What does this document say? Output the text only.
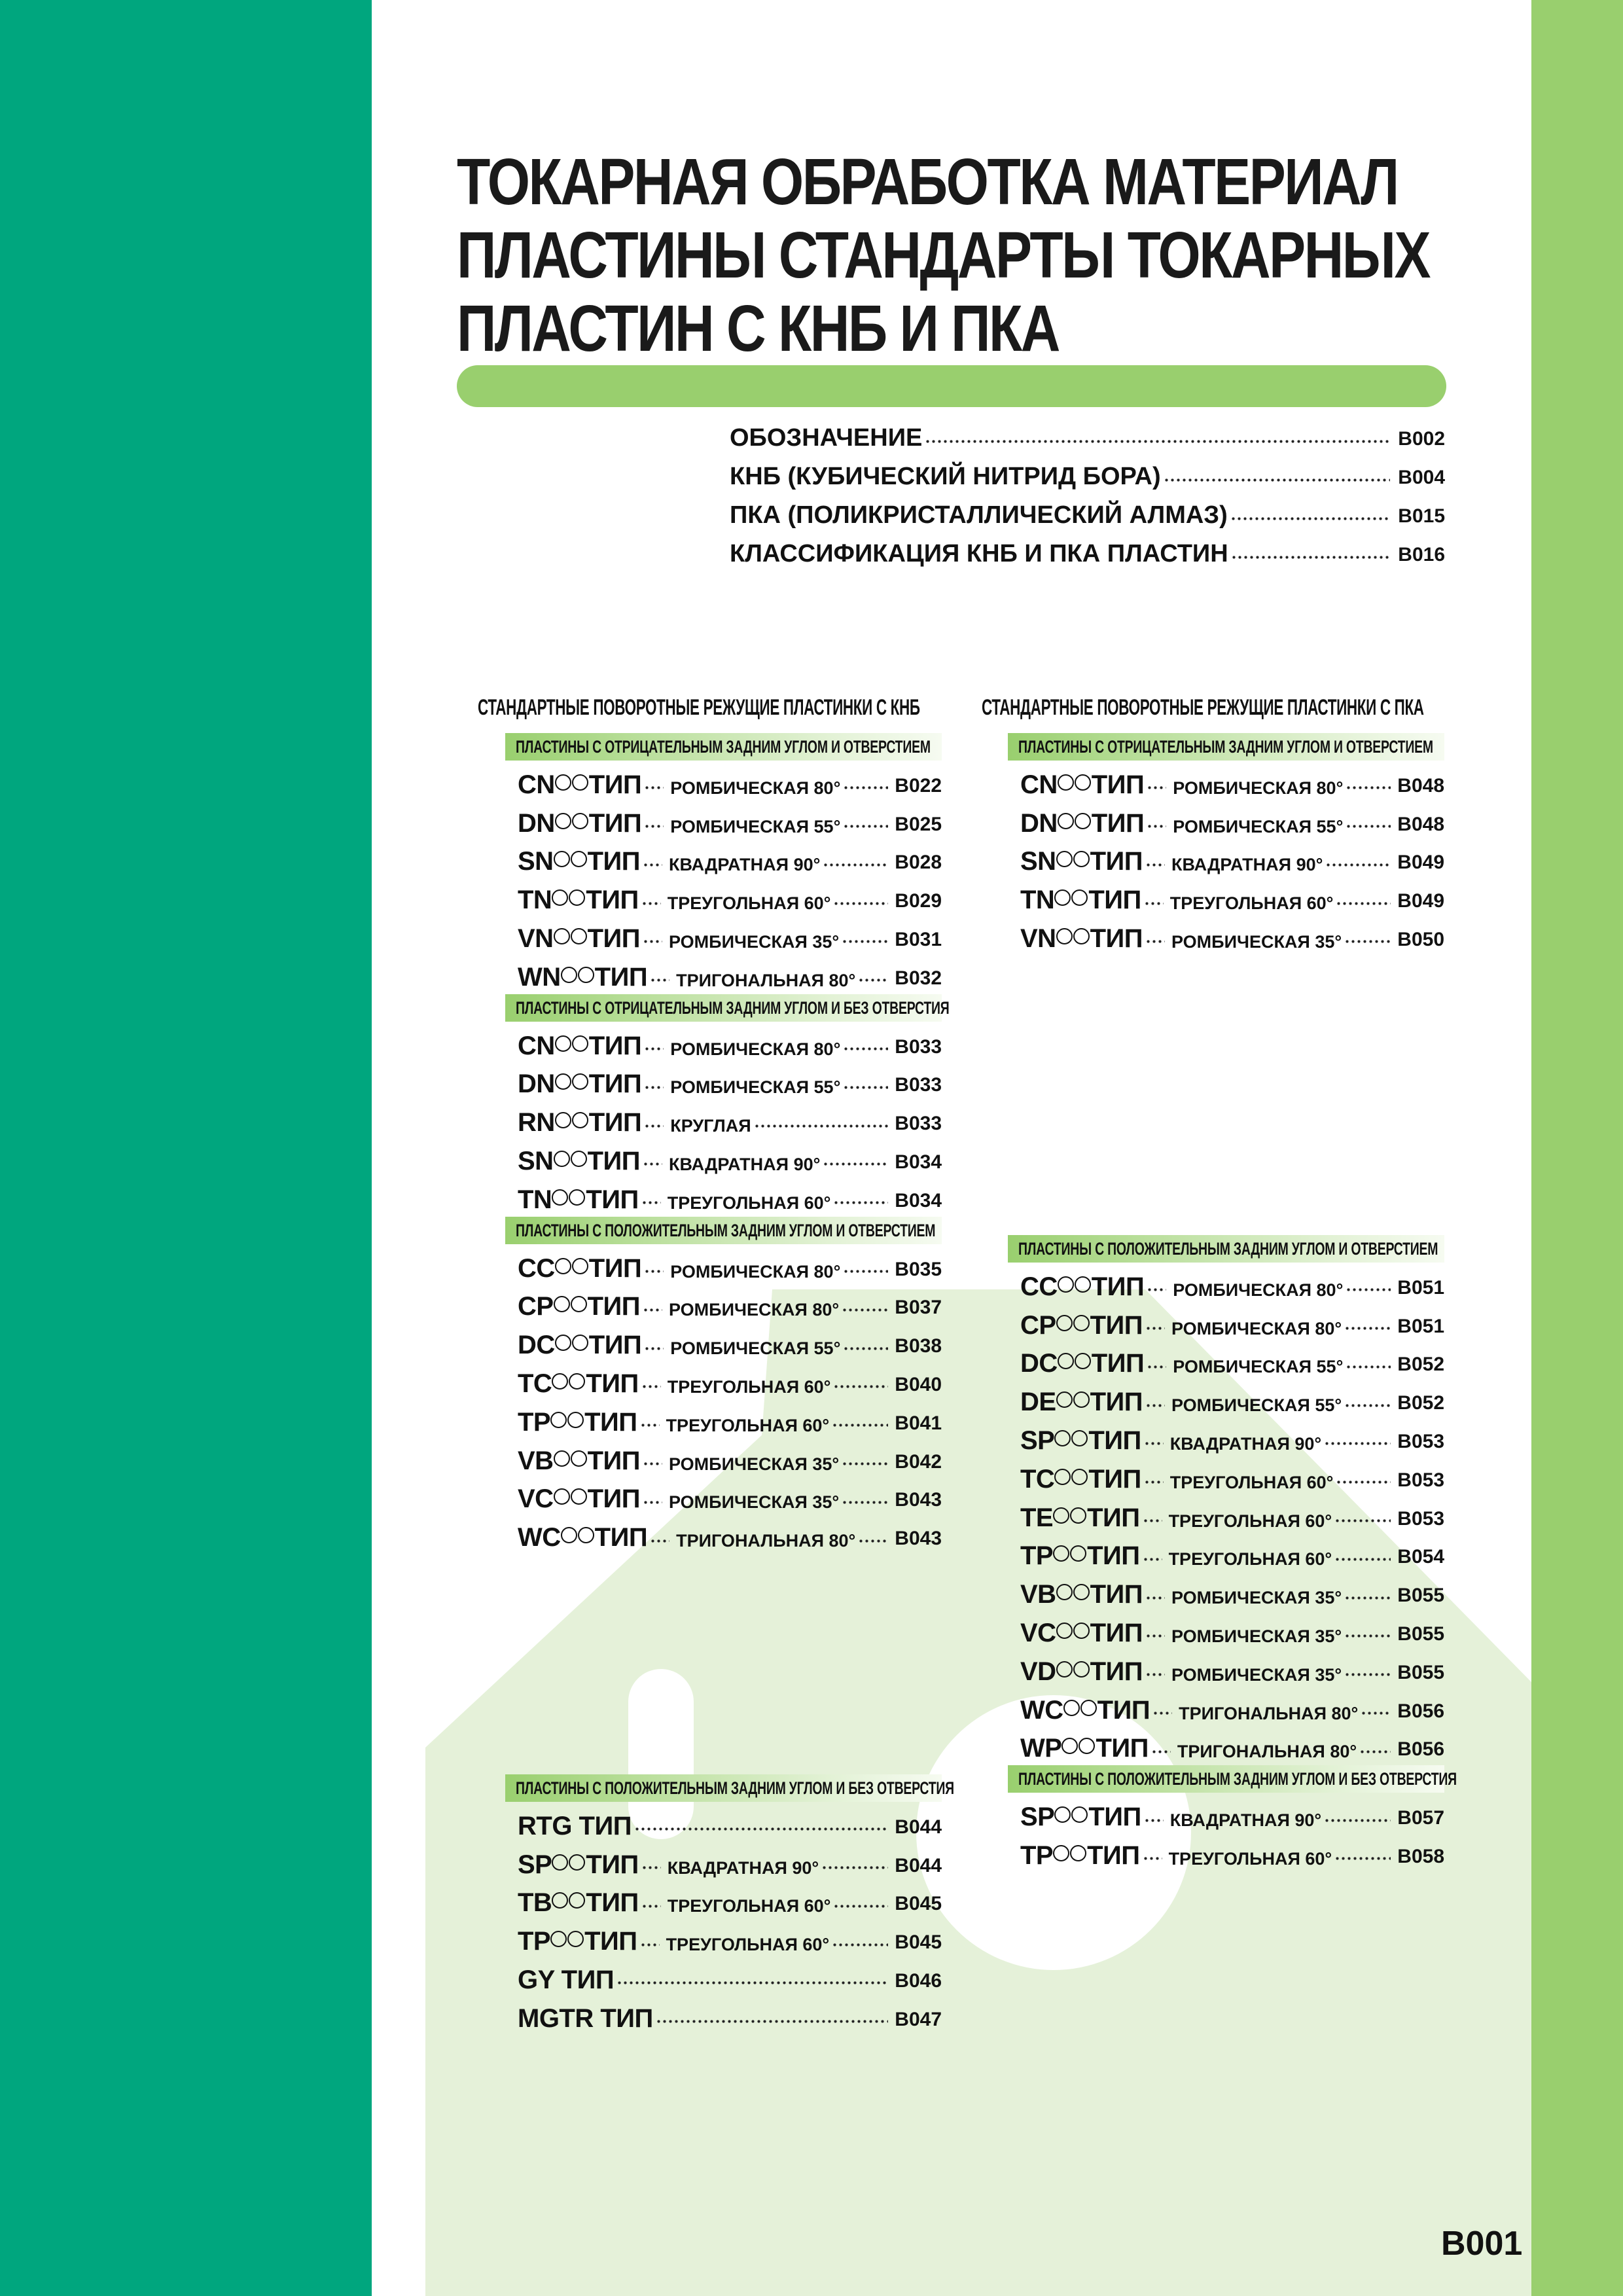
ТОКАРНАЯ ОБРАБОТКА МАТЕРИАЛ
ПЛАСТИНЫ СТАНДАРТЫ ТОКАРНЫХ
ПЛАСТИН С КНБ И ПКА
ОБОЗНАЧЕНИЕ	B002
КНБ (КУБИЧЕСКИЙ НИТРИД БОРА)	B004
ПКА (ПОЛИКРИСТАЛЛИЧЕСКИЙ АЛМАЗ)	B015
КЛАССИФИКАЦИЯ КНБ И ПКА ПЛАСТИН	B016
СТАНДАРТНЫЕ ПОВОРОТНЫЕ РЕЖУЩИЕ ПЛАСТИНКИ С КНБ	СТАНДАРТНЫЕ ПОВОРОТНЫЕ РЕЖУЩИЕ ПЛАСТИНКИ С ПКА
ПЛАСТИНЫ С ОТРИЦАТЕЛЬНЫМ ЗАДНИМ УГЛОМ И ОТВЕРСТИЕМ
CN ТИП РОМБИЧЕСКАЯ 80°	B022
DN ТИП РОМБИЧЕСКАЯ 55°	B025
SN ТИП КВАДРАТНАЯ 90°	B028
TN ТИП ТРЕУГОЛЬНАЯ 60°	B029
VN ТИП РОМБИЧЕСКАЯ 35°	B031
WN ТИП ТРИГОНАЛЬНАЯ 80° B032
ПЛАСТИНЫ С ОТРИЦАТЕЛЬНЫМ ЗАДНИМ УГЛОМ И БЕЗ ОТВЕРСТИЯ
CN ТИП РОМБИЧЕСКАЯ 80°	B033
DN ТИП РОМБИЧЕСКАЯ 55°	B033
RN ТИП КРУГЛАЯ	B033
SN ТИП КВАДРАТНАЯ 90°	B034
TN ТИП ТРЕУГОЛЬНАЯ 60°	B034
ПЛАСТИНЫ С ПОЛОЖИТЕЛЬНЫМ ЗАДНИМ УГЛОМ И ОТВЕРСТИЕМ
CC ТИП РОМБИЧЕСКАЯ 80°	B035
CP ТИП РОМБИЧЕСКАЯ 80°	B037
DC ТИП РОМБИЧЕСКАЯ 55°	B038
TC ТИП ТРЕУГОЛЬНАЯ 60°	B040
TP ТИП ТРЕУГОЛЬНАЯ 60°	B041
VB ТИП РОМБИЧЕСКАЯ 35°	B042
VC ТИП РОМБИЧЕСКАЯ 35°	B043
WC ТИП ТРИГОНАЛЬНАЯ 80° B043
ПЛАСТИНЫ С ПОЛОЖИТЕЛЬНЫМ ЗАДНИМ УГЛОМ И БЕЗ ОТВЕРСТИЯ
RTG ТИП	B044
SP ТИП КВАДРАТНАЯ 90°	B044
TB ТИП ТРЕУГОЛЬНАЯ 60°	B045
TP ТИП ТРЕУГОЛЬНАЯ 60°	B045
GY ТИП	B046
MGTR ТИП	B047
ПЛАСТИНЫ С ОТРИЦАТЕЛЬНЫМ ЗАДНИМ УГЛОМ И ОТВЕРСТИЕМ
CN ТИП РОМБИЧЕСКАЯ 80°	B048
DN ТИП РОМБИЧЕСКАЯ 55°	B048
SN ТИП КВАДРАТНАЯ 90°	B049
TN ТИП ТРЕУГОЛЬНАЯ 60°	B049
VN ТИП РОМБИЧЕСКАЯ 35°	B050
ПЛАСТИНЫ С ПОЛОЖИТЕЛЬНЫМ ЗАДНИМ УГЛОМ И ОТВЕРСТИЕМ
CC ТИП РОМБИЧЕСКАЯ 80°	B051
CP ТИП РОМБИЧЕСКАЯ 80°	B051
DC ТИП РОМБИЧЕСКАЯ 55°	B052
DE ТИП РОМБИЧЕСКАЯ 55°	B052
SP ТИП КВАДРАТНАЯ 90°	B053
TC ТИП ТРЕУГОЛЬНАЯ 60°	B053
TE ТИП ТРЕУГОЛЬНАЯ 60°	B053
TP ТИП ТРЕУГОЛЬНАЯ 60°	B054
VB ТИП РОМБИЧЕСКАЯ 35°	B055
VC ТИП РОМБИЧЕСКАЯ 35°	B055
VD ТИП РОМБИЧЕСКАЯ 35°	B055
WC ТИП ТРИГОНАЛЬНАЯ 80° B056
WP ТИП ТРИГОНАЛЬНАЯ 80° B056
ПЛАСТИНЫ С ПОЛОЖИТЕЛЬНЫМ ЗАДНИМ УГЛОМ И БЕЗ ОТВЕРСТИЯ
SP ТИП КВАДРАТНАЯ 90°	B057
TP ТИП ТРЕУГОЛЬНАЯ 60°	B058
B001
